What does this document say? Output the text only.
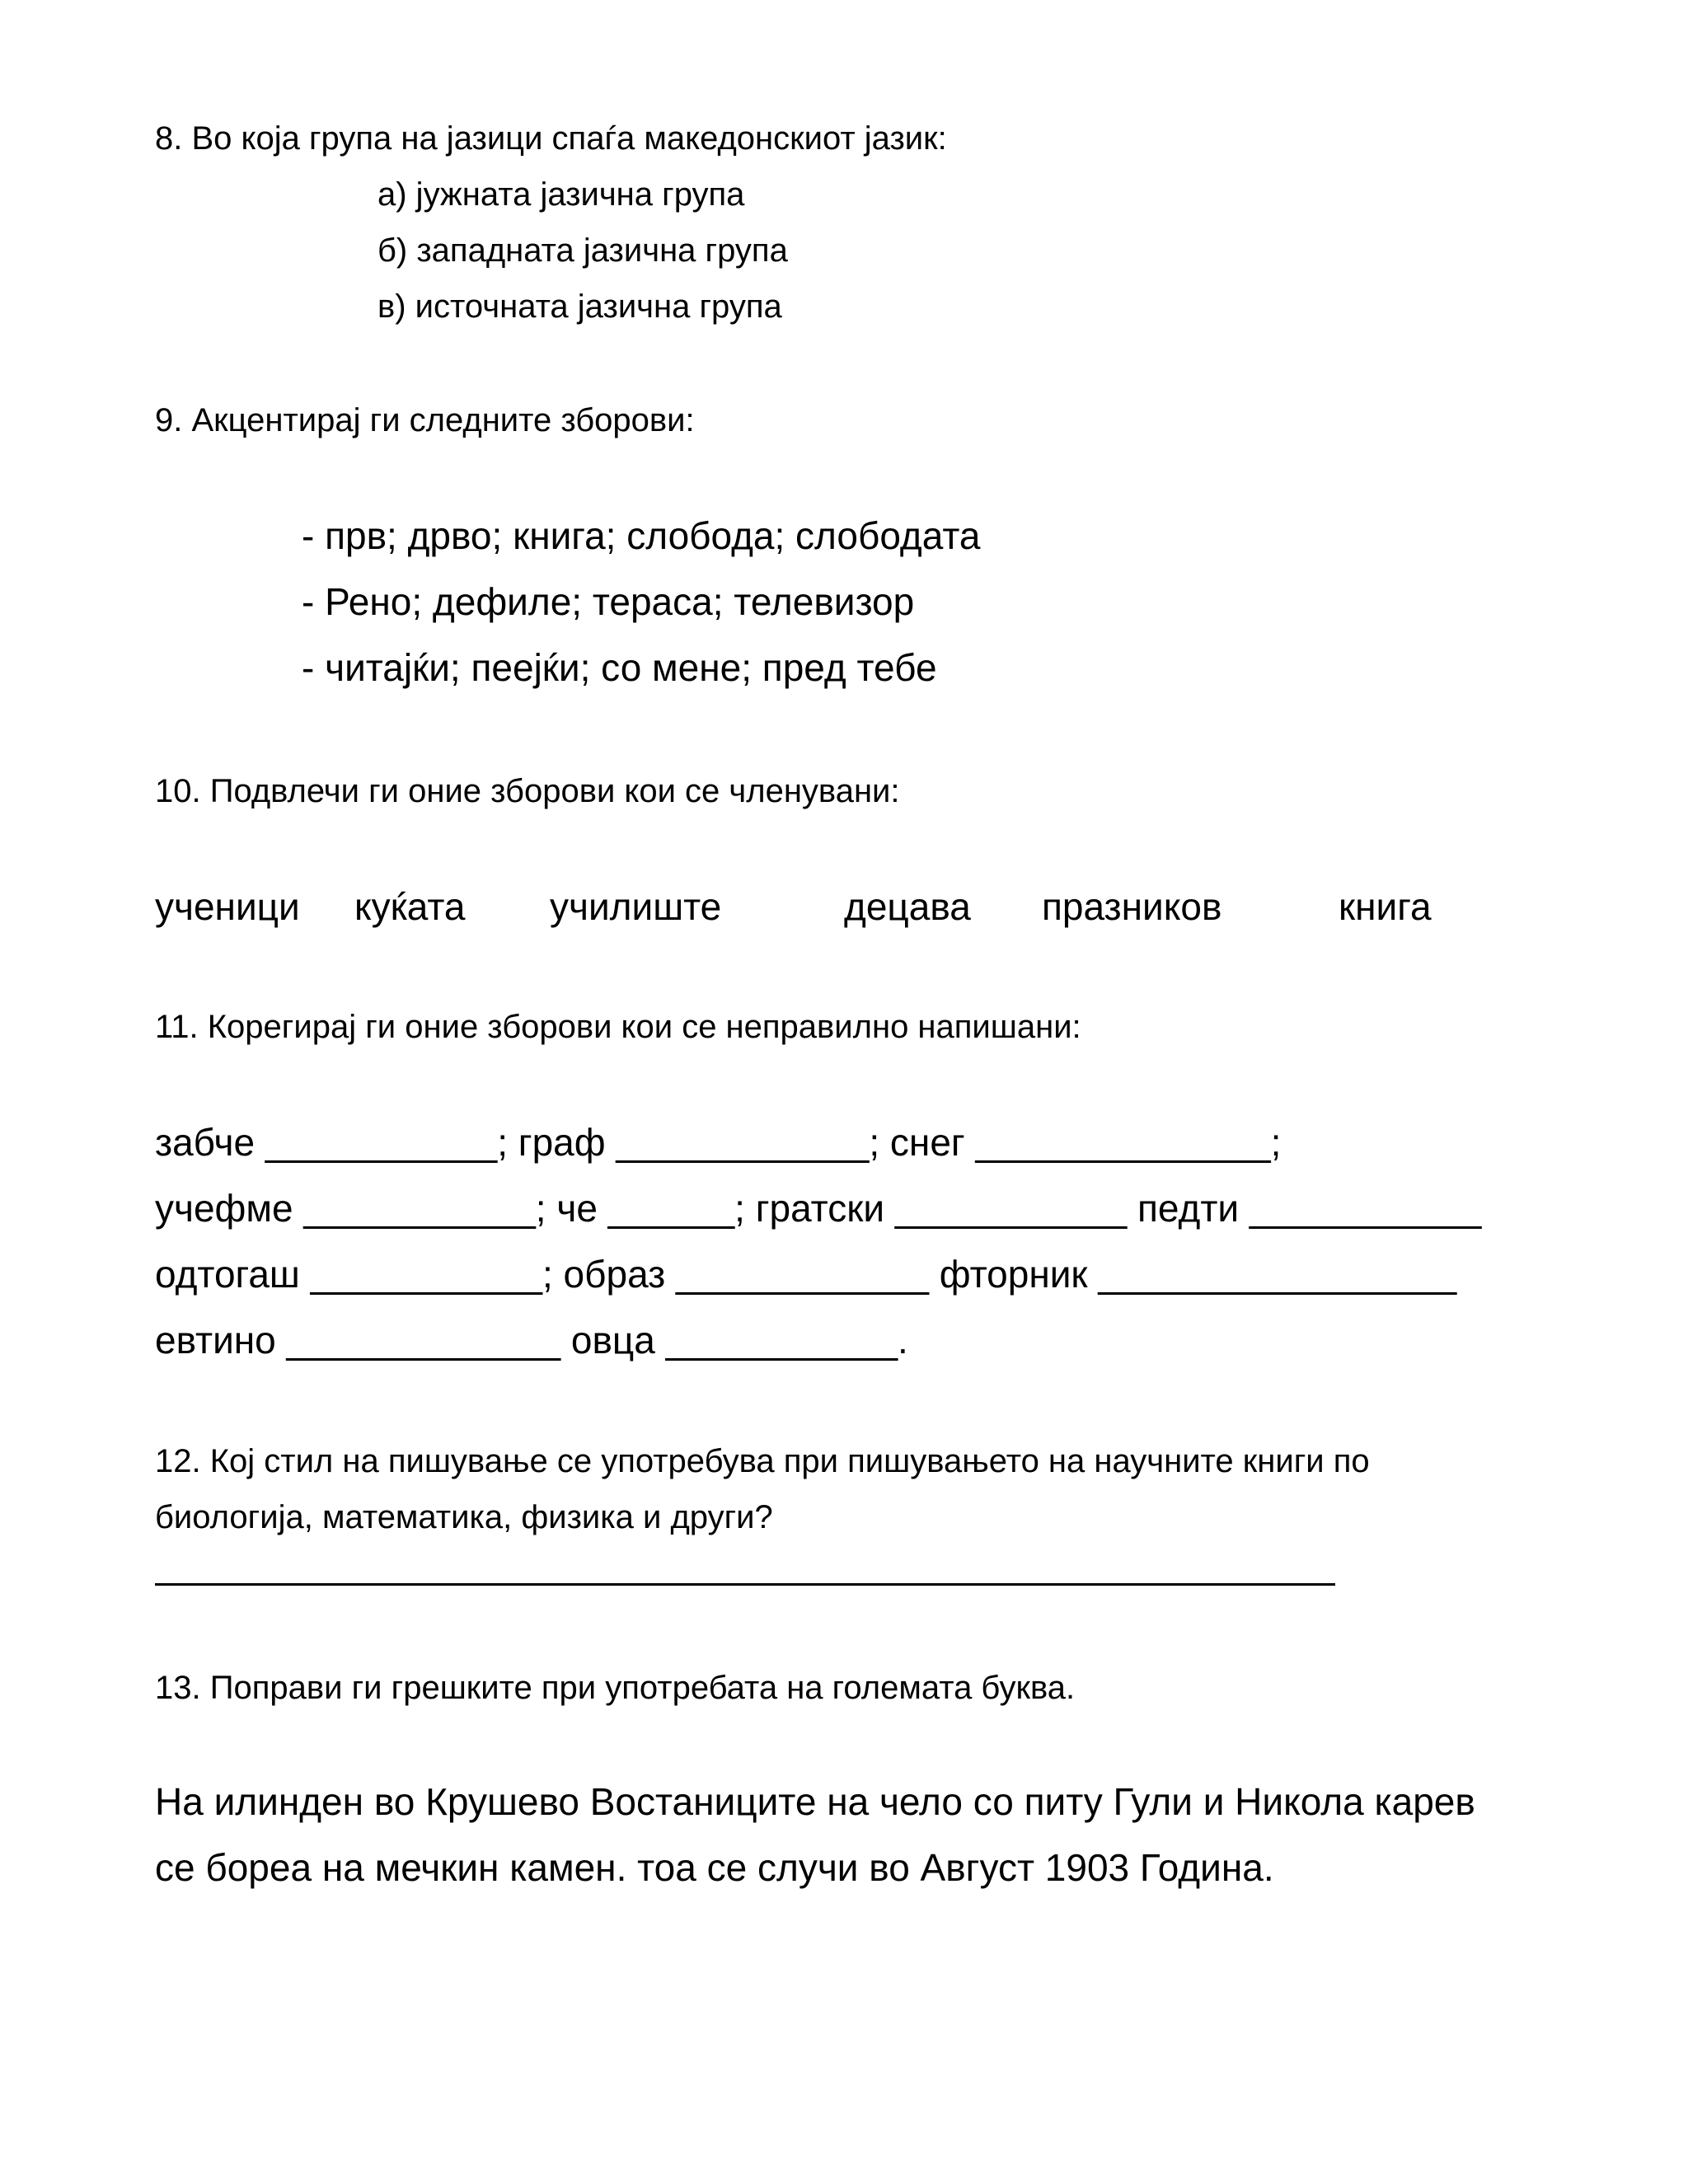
8. Во која група на јазици спаѓа македонскиот јазик:

а) јужната јазична група

б) западната јазична група

в) источната јазична група

9. Акцентирај ги следните зборови:

- прв; дрво; книга; слобода; слободата

- Рено; дефиле; тераса; телевизор

- читајќи; пеејќи; со мене; пред тебе

10. Подвлечи ги оние зборови кои се членувани:

ученици куќата училиште	децава празников	книга

11. Корегирај ги оние зборови кои се неправилно напишани:

забче ___________; граф ____________; снег ______________;

учефме ___________; че ______; гратски ___________ педти ___________

одтогаш ___________; образ ____________ фторник _________________

евтино _____________ овца ___________.

12. Кој стил на пишување се употребува при пишувањето на научните книги по

биологија, математика, физика и други?

13. Поправи ги грешките при употребата на големата буква.

На илинден во Крушево Востаниците на чело со питу Гули и Никола карев

се бореа на мечкин камен. тоа се случи во Август 1903 Година.
